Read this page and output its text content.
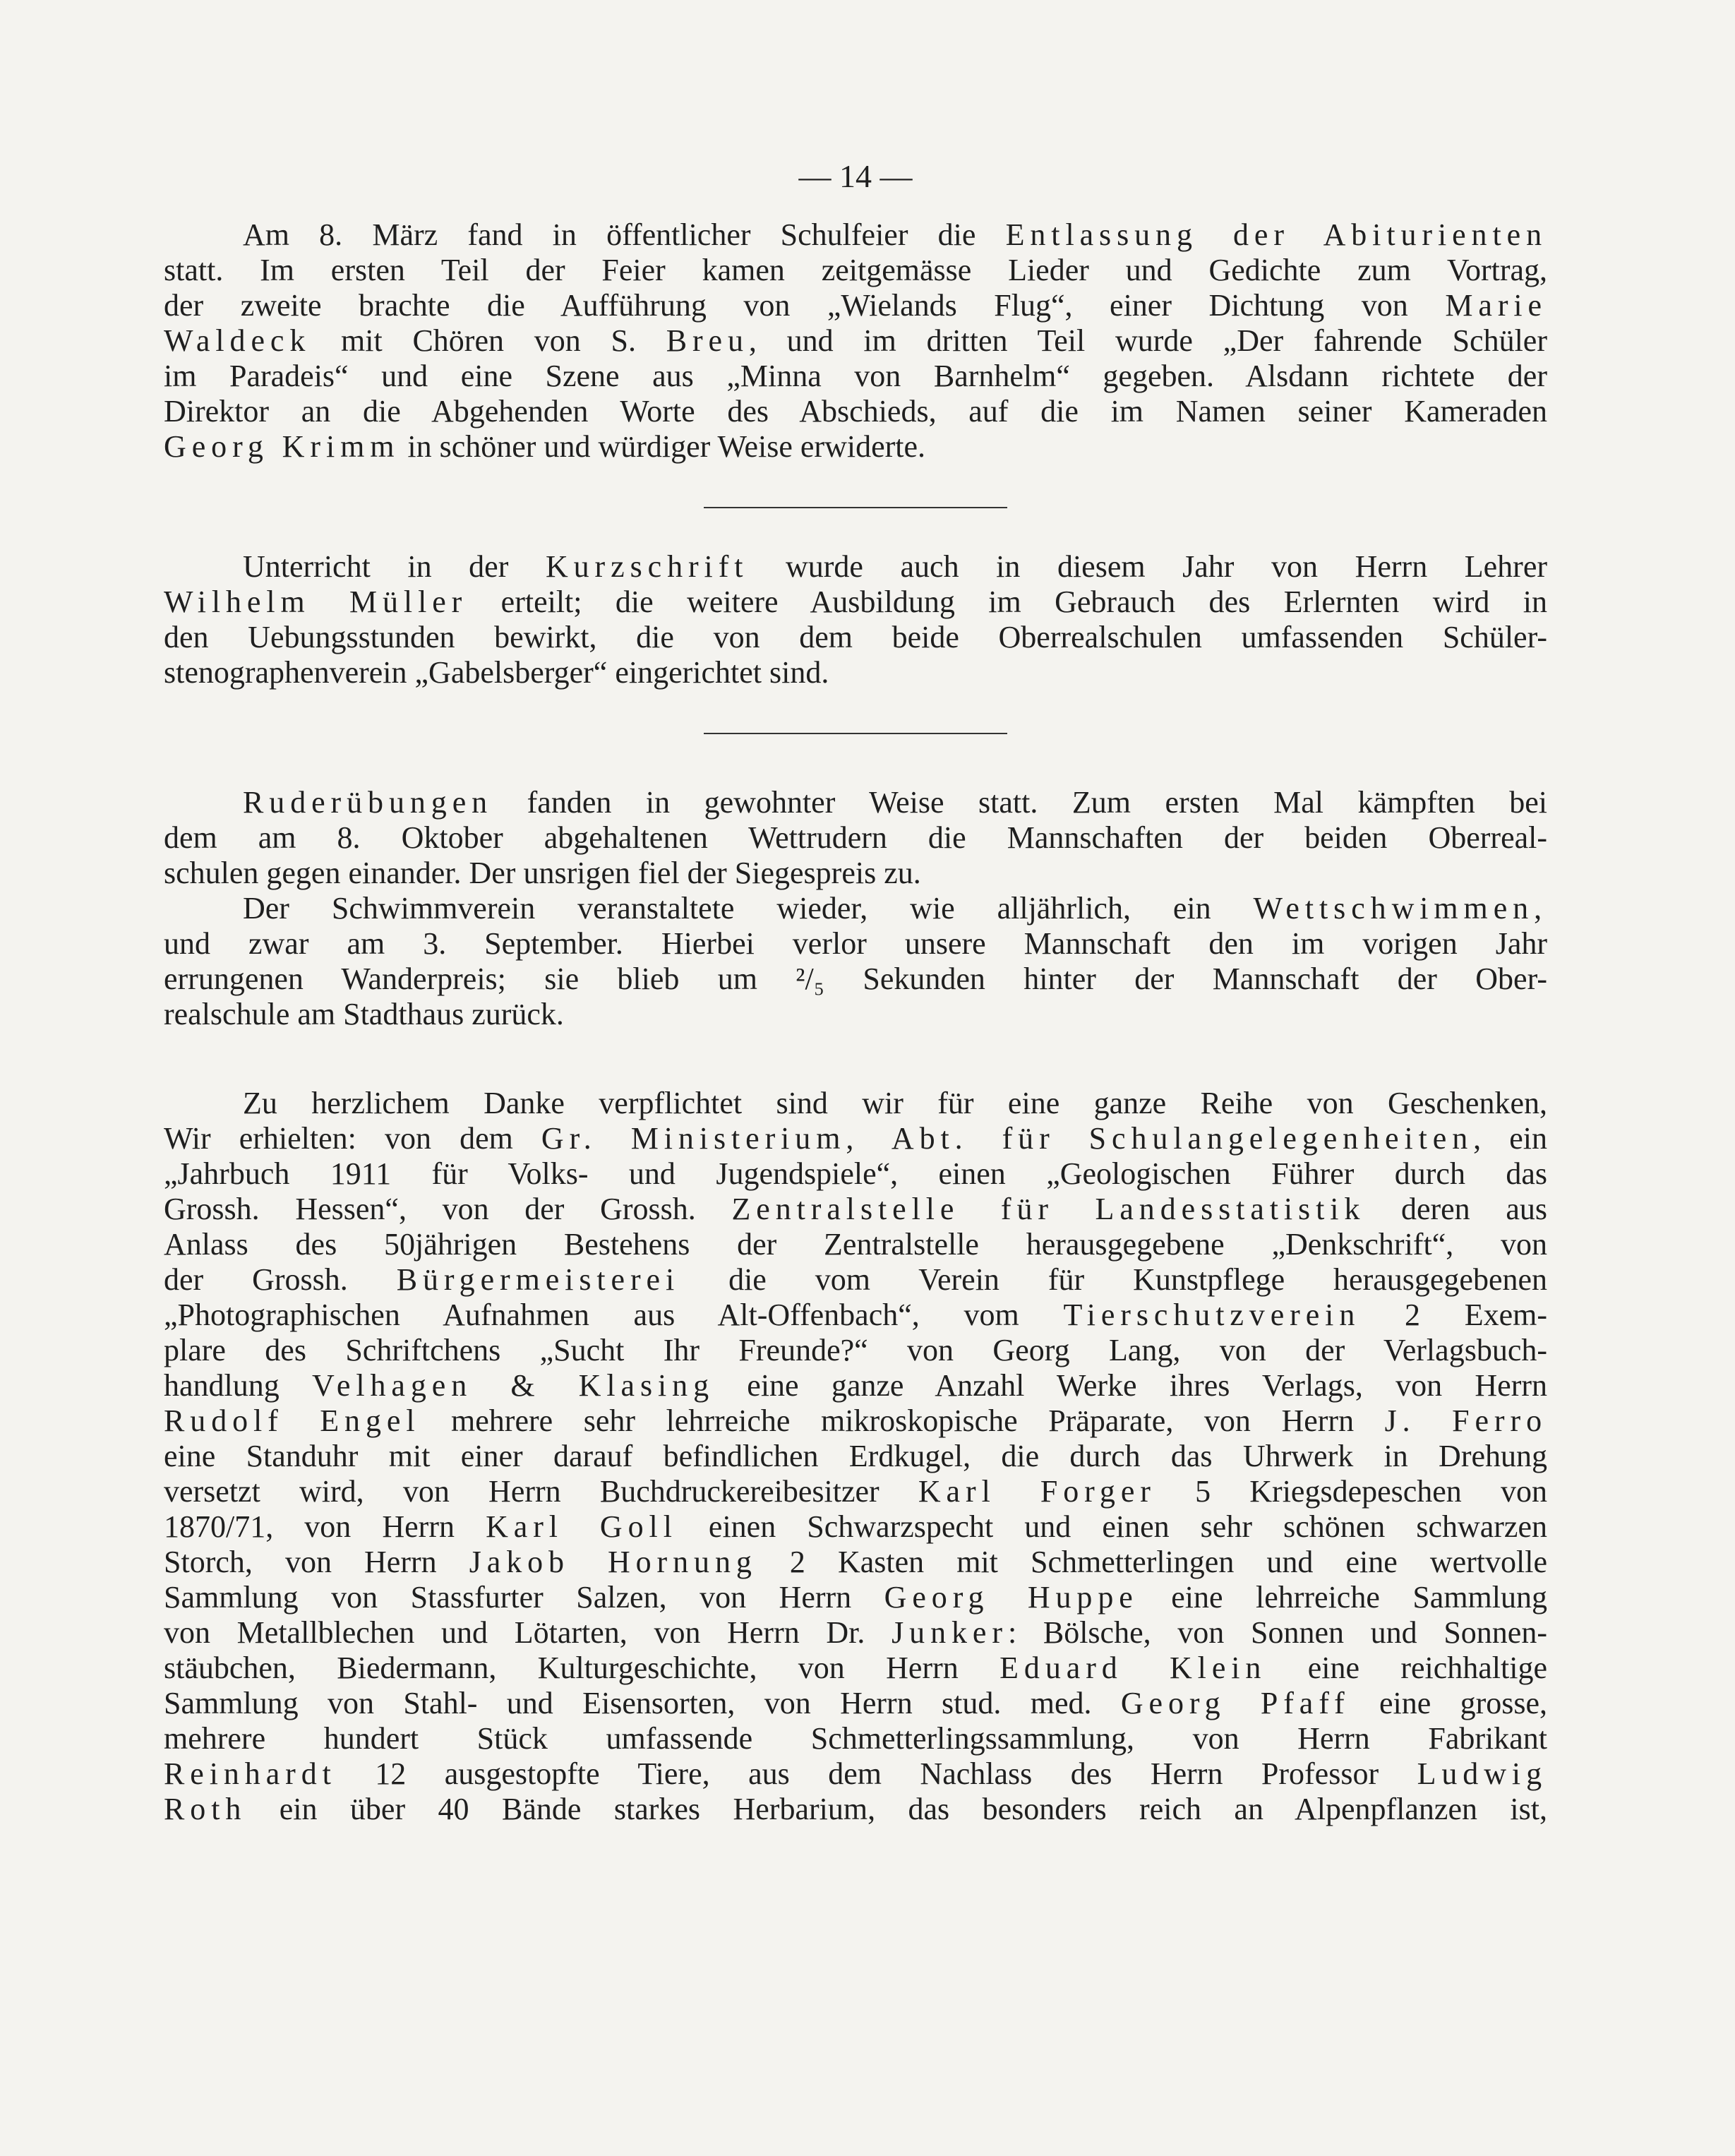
— 14 —

Am 8. März fand in öffentlicher Schulfeier die Entlassung der Abiturienten

statt. Im ersten Teil der Feier kamen zeitgemässe Lieder und Gedichte zum Vortrag,

der zweite brachte die Aufführung von „Wielands Flug“, einer Dichtung von Marie

Waldeck mit Chören von S. Breu, und im dritten Teil wurde „Der fahrende Schüler

im Paradeis“ und eine Szene aus „Minna von Barnhelm“ gegeben. Alsdann richtete der

Direktor an die Abgehenden Worte des Abschieds, auf die im Namen seiner Kameraden

Georg Krimm in schöner und würdiger Weise erwiderte.

Unterricht in der Kurzschrift wurde auch in diesem Jahr von Herrn Lehrer

Wilhelm Müller erteilt; die weitere Ausbildung im Gebrauch des Erlernten wird in

den Uebungsstunden bewirkt, die von dem beide Oberrealschulen umfassenden Schüler-

stenographenverein „Gabelsberger“ eingerichtet sind.

Ruderübungen fanden in gewohnter Weise statt. Zum ersten Mal kämpften bei

dem am 8. Oktober abgehaltenen Wettrudern die Mannschaften der beiden Oberreal-

schulen gegen einander. Der unsrigen fiel der Siegespreis zu.

Der Schwimmverein veranstaltete wieder, wie alljährlich, ein Wettschwimmen,

und zwar am 3. September. Hierbei verlor unsere Mannschaft den im vorigen Jahr

errungenen Wanderpreis; sie blieb um ²/₅ Sekunden hinter der Mannschaft der Ober-

realschule am Stadthaus zurück.

Zu herzlichem Danke verpflichtet sind wir für eine ganze Reihe von Geschenken,

Wir erhielten: von dem Gr. Ministerium, Abt. für Schulangelegenheiten, ein

„Jahrbuch 1911 für Volks- und Jugendspiele“, einen „Geologischen Führer durch das

Grossh. Hessen“, von der Grossh. Zentralstelle für Landesstatistik deren aus

Anlass des 50jährigen Bestehens der Zentralstelle herausgegebene „Denkschrift“, von

der Grossh. Bürgermeisterei die vom Verein für Kunstpflege herausgegebenen

„Photographischen Aufnahmen aus Alt-Offenbach“, vom Tierschutzverein 2 Exem-

plare des Schriftchens „Sucht Ihr Freunde?“ von Georg Lang, von der Verlagsbuch-

handlung Velhagen & Klasing eine ganze Anzahl Werke ihres Verlags, von Herrn

Rudolf Engel mehrere sehr lehrreiche mikroskopische Präparate, von Herrn J. Ferro

eine Standuhr mit einer darauf befindlichen Erdkugel, die durch das Uhrwerk in Drehung

versetzt wird, von Herrn Buchdruckereibesitzer Karl Forger 5 Kriegsdepeschen von

1870/71, von Herrn Karl Goll einen Schwarzspecht und einen sehr schönen schwarzen

Storch, von Herrn Jakob Hornung 2 Kasten mit Schmetterlingen und eine wertvolle

Sammlung von Stassfurter Salzen, von Herrn Georg Huppe eine lehrreiche Sammlung

von Metallblechen und Lötarten, von Herrn Dr. Junker: Bölsche, von Sonnen und Sonnen-

stäubchen, Biedermann, Kulturgeschichte, von Herrn Eduard Klein eine reichhaltige

Sammlung von Stahl- und Eisensorten, von Herrn stud. med. Georg Pfaff eine grosse,

mehrere hundert Stück umfassende Schmetterlingssammlung, von Herrn Fabrikant

Reinhardt 12 ausgestopfte Tiere, aus dem Nachlass des Herrn Professor Ludwig

Roth ein über 40 Bände starkes Herbarium, das besonders reich an Alpenpflanzen ist,
